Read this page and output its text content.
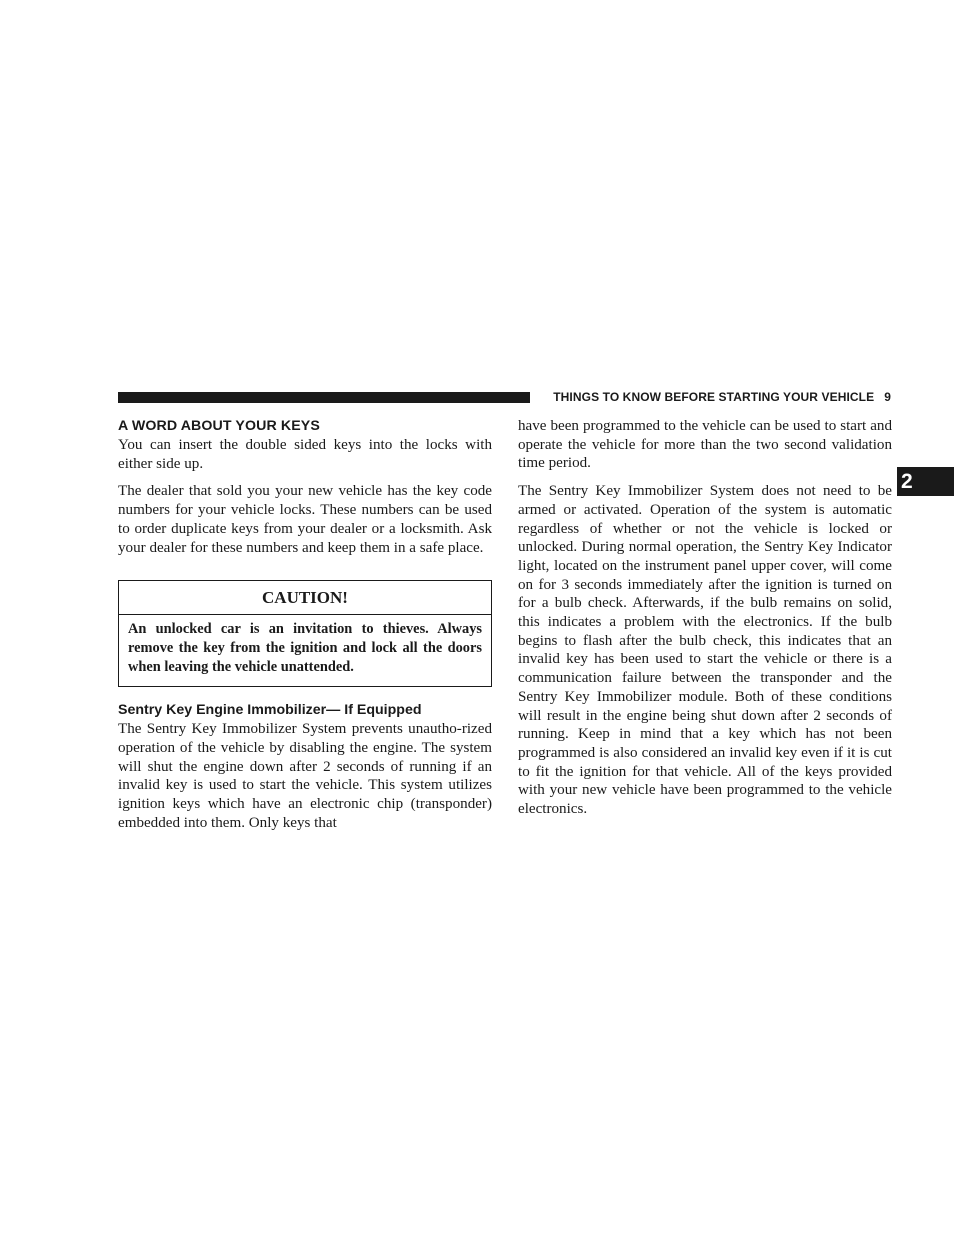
THINGS TO KNOW BEFORE STARTING YOUR VEHICLE 9
2
A WORD ABOUT YOUR KEYS

You can insert the double sided keys into the locks with either side up.

The dealer that sold you your new vehicle has the key code numbers for your vehicle locks. These numbers can be used to order duplicate keys from your dealer or a locksmith. Ask your dealer for these numbers and keep them in a safe place.

CAUTION!
An unlocked car is an invitation to thieves. Always remove the key from the ignition and lock all the doors when leaving the vehicle unattended.
Sentry Key Engine Immobilizer— If Equipped

The Sentry Key Immobilizer System prevents unautho-rized operation of the vehicle by disabling the engine. The system will shut the engine down after 2 seconds of running if an invalid key is used to start the vehicle. This system utilizes ignition keys which have an electronic chip (transponder) embedded into them. Only keys that

have been programmed to the vehicle can be used to start and operate the vehicle for more than the two second validation time period.

The Sentry Key Immobilizer System does not need to be armed or activated. Operation of the system is automatic regardless of whether or not the vehicle is locked or unlocked. During normal operation, the Sentry Key Indicator light, located on the instrument panel upper cover, will come on for 3 seconds immediately after the ignition is turned on for a bulb check. Afterwards, if the bulb remains on solid, this indicates a problem with the electronics. If the bulb begins to flash after the bulb check, this indicates that an invalid key has been used to start the vehicle or there is a communication failure between the transponder and the Sentry Key Immobilizer module. Both of these conditions will result in the engine being shut down after 2 seconds of running. Keep in mind that a key which has not been programmed is also considered an invalid key even if it is cut to fit the ignition for that vehicle. All of the keys provided with your new vehicle have been programmed to the vehicle electronics.
